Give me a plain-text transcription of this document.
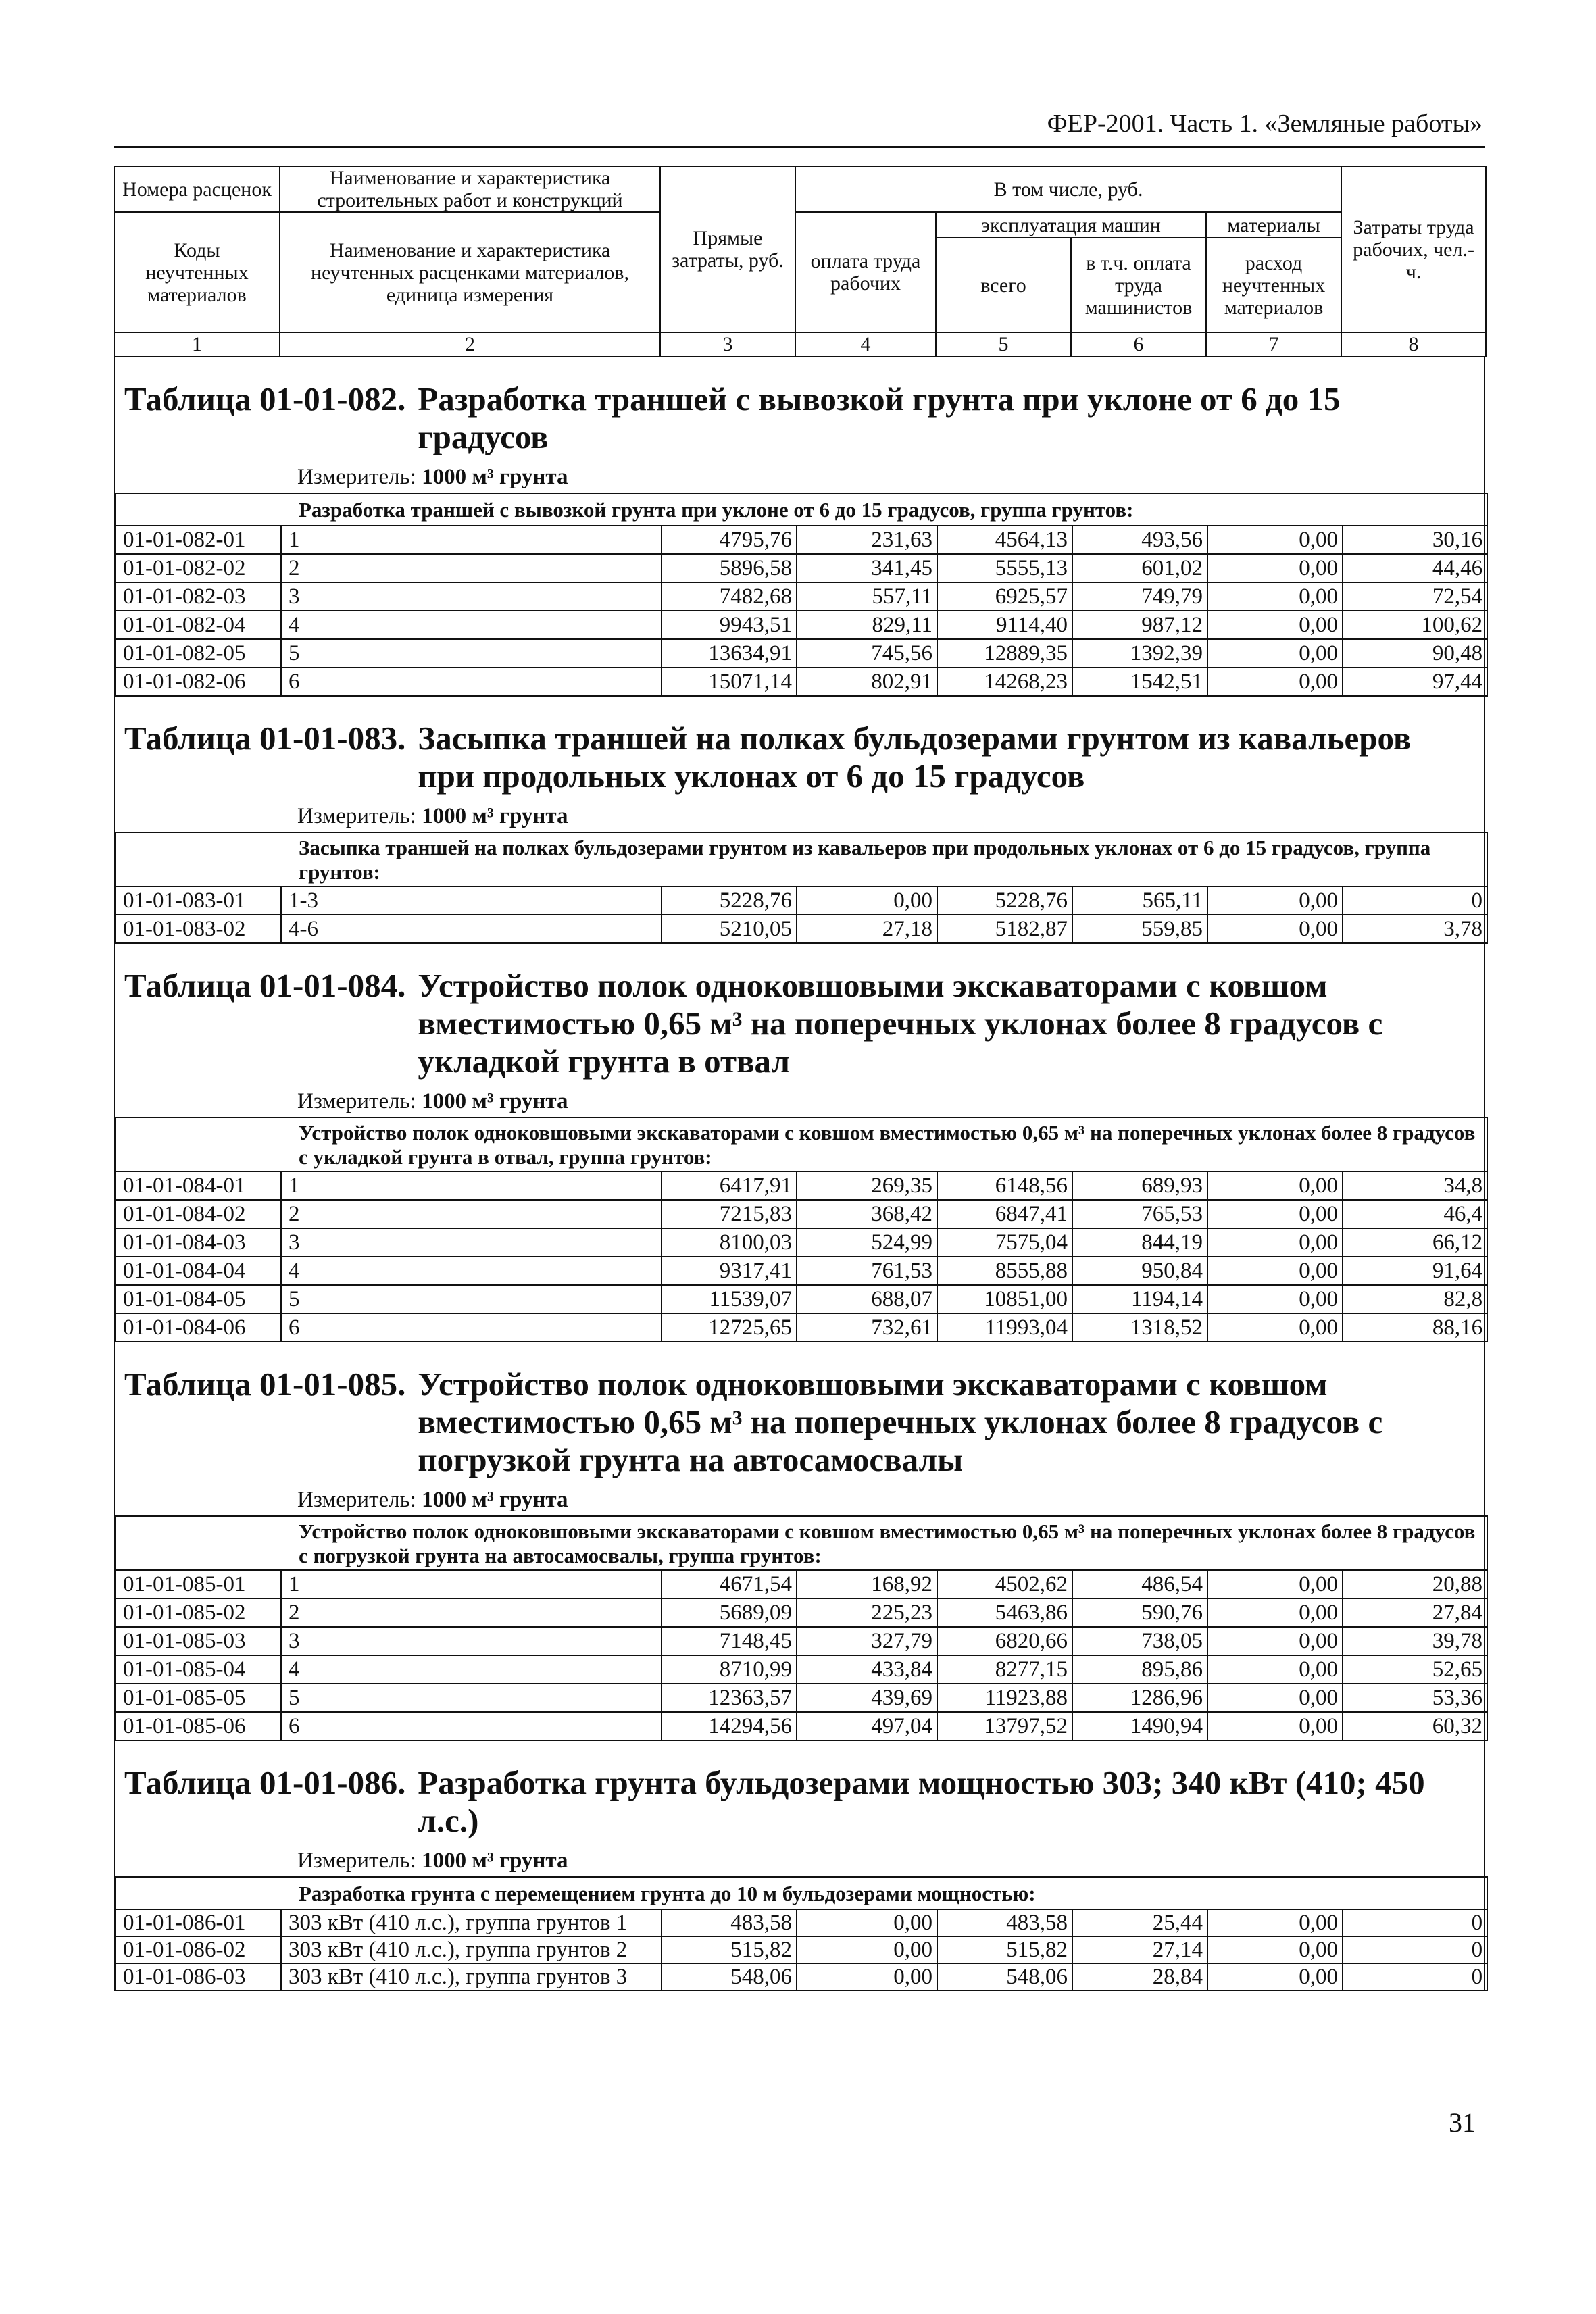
ФЕР-2001. Часть 1. «Земляные работы»
Номера расценок	Наименование и характеристика строительных работ и конструкций	Прямые затраты, руб.	В том числе, руб.				Затраты труда рабочих, чел.-ч.
Коды неучтенных материалов	Наименование и характеристика неучтенных расценками материалов, единица измерения		оплата труда рабочих	эксплуатация машин		материалы	
				всего	в т.ч. оплата труда машинистов	расход неучтенных материалов	
1	2	3	4	5	6	7	8
Таблица 01-01-082. Разработка траншей с вывозкой грунта при уклоне от 6 до 15 градусов
Измеритель: 1000 м³ грунта
Разработка траншей с вывозкой грунта при уклоне от 6 до 15 градусов, группа грунтов:							
01-01-082-01	1	4795,76	231,63	4564,13	493,56	0,00	30,16
01-01-082-02	2	5896,58	341,45	5555,13	601,02	0,00	44,46
01-01-082-03	3	7482,68	557,11	6925,57	749,79	0,00	72,54
01-01-082-04	4	9943,51	829,11	9114,40	987,12	0,00	100,62
01-01-082-05	5	13634,91	745,56	12889,35	1392,39	0,00	90,48
01-01-082-06	6	15071,14	802,91	14268,23	1542,51	0,00	97,44
Таблица 01-01-083. Засыпка траншей на полках бульдозерами грунтом из кавальеров при продольных уклонах от 6 до 15 градусов
Измеритель: 1000 м³ грунта
Засыпка траншей на полках бульдозерами грунтом из кавальеров при продольных уклонах от 6 до 15 градусов, группа грунтов:							
01-01-083-01	1-3	5228,76	0,00	5228,76	565,11	0,00	0
01-01-083-02	4-6	5210,05	27,18	5182,87	559,85	0,00	3,78
Таблица 01-01-084. Устройство полок одноковшовыми экскаваторами с ковшом вместимостью 0,65 м³ на поперечных уклонах более 8 градусов с укладкой грунта в отвал
Измеритель: 1000 м³ грунта
Устройство полок одноковшовыми экскаваторами с ковшом вместимостью 0,65 м³ на поперечных уклонах более 8 градусов с укладкой грунта в отвал, группа грунтов:							
01-01-084-01	1	6417,91	269,35	6148,56	689,93	0,00	34,8
01-01-084-02	2	7215,83	368,42	6847,41	765,53	0,00	46,4
01-01-084-03	3	8100,03	524,99	7575,04	844,19	0,00	66,12
01-01-084-04	4	9317,41	761,53	8555,88	950,84	0,00	91,64
01-01-084-05	5	11539,07	688,07	10851,00	1194,14	0,00	82,8
01-01-084-06	6	12725,65	732,61	11993,04	1318,52	0,00	88,16
Таблица 01-01-085. Устройство полок одноковшовыми экскаваторами с ковшом вместимостью 0,65 м³ на поперечных уклонах более 8 градусов с погрузкой грунта на автосамосвалы
Измеритель: 1000 м³ грунта
Устройство полок одноковшовыми экскаваторами с ковшом вместимостью 0,65 м³ на поперечных уклонах более 8 градусов с погрузкой грунта на автосамосвалы, группа грунтов:							
01-01-085-01	1	4671,54	168,92	4502,62	486,54	0,00	20,88
01-01-085-02	2	5689,09	225,23	5463,86	590,76	0,00	27,84
01-01-085-03	3	7148,45	327,79	6820,66	738,05	0,00	39,78
01-01-085-04	4	8710,99	433,84	8277,15	895,86	0,00	52,65
01-01-085-05	5	12363,57	439,69	11923,88	1286,96	0,00	53,36
01-01-085-06	6	14294,56	497,04	13797,52	1490,94	0,00	60,32
Таблица 01-01-086. Разработка грунта бульдозерами мощностью 303; 340 кВт (410; 450 л.с.)
Измеритель: 1000 м³ грунта
Разработка грунта с перемещением грунта до 10 м бульдозерами мощностью:							
01-01-086-01	303 кВт (410 л.с.), группа грунтов 1	483,58	0,00	483,58	25,44	0,00	0
01-01-086-02	303 кВт (410 л.с.), группа грунтов 2	515,82	0,00	515,82	27,14	0,00	0
01-01-086-03	303 кВт (410 л.с.), группа грунтов 3	548,06	0,00	548,06	28,84	0,00	0
31
